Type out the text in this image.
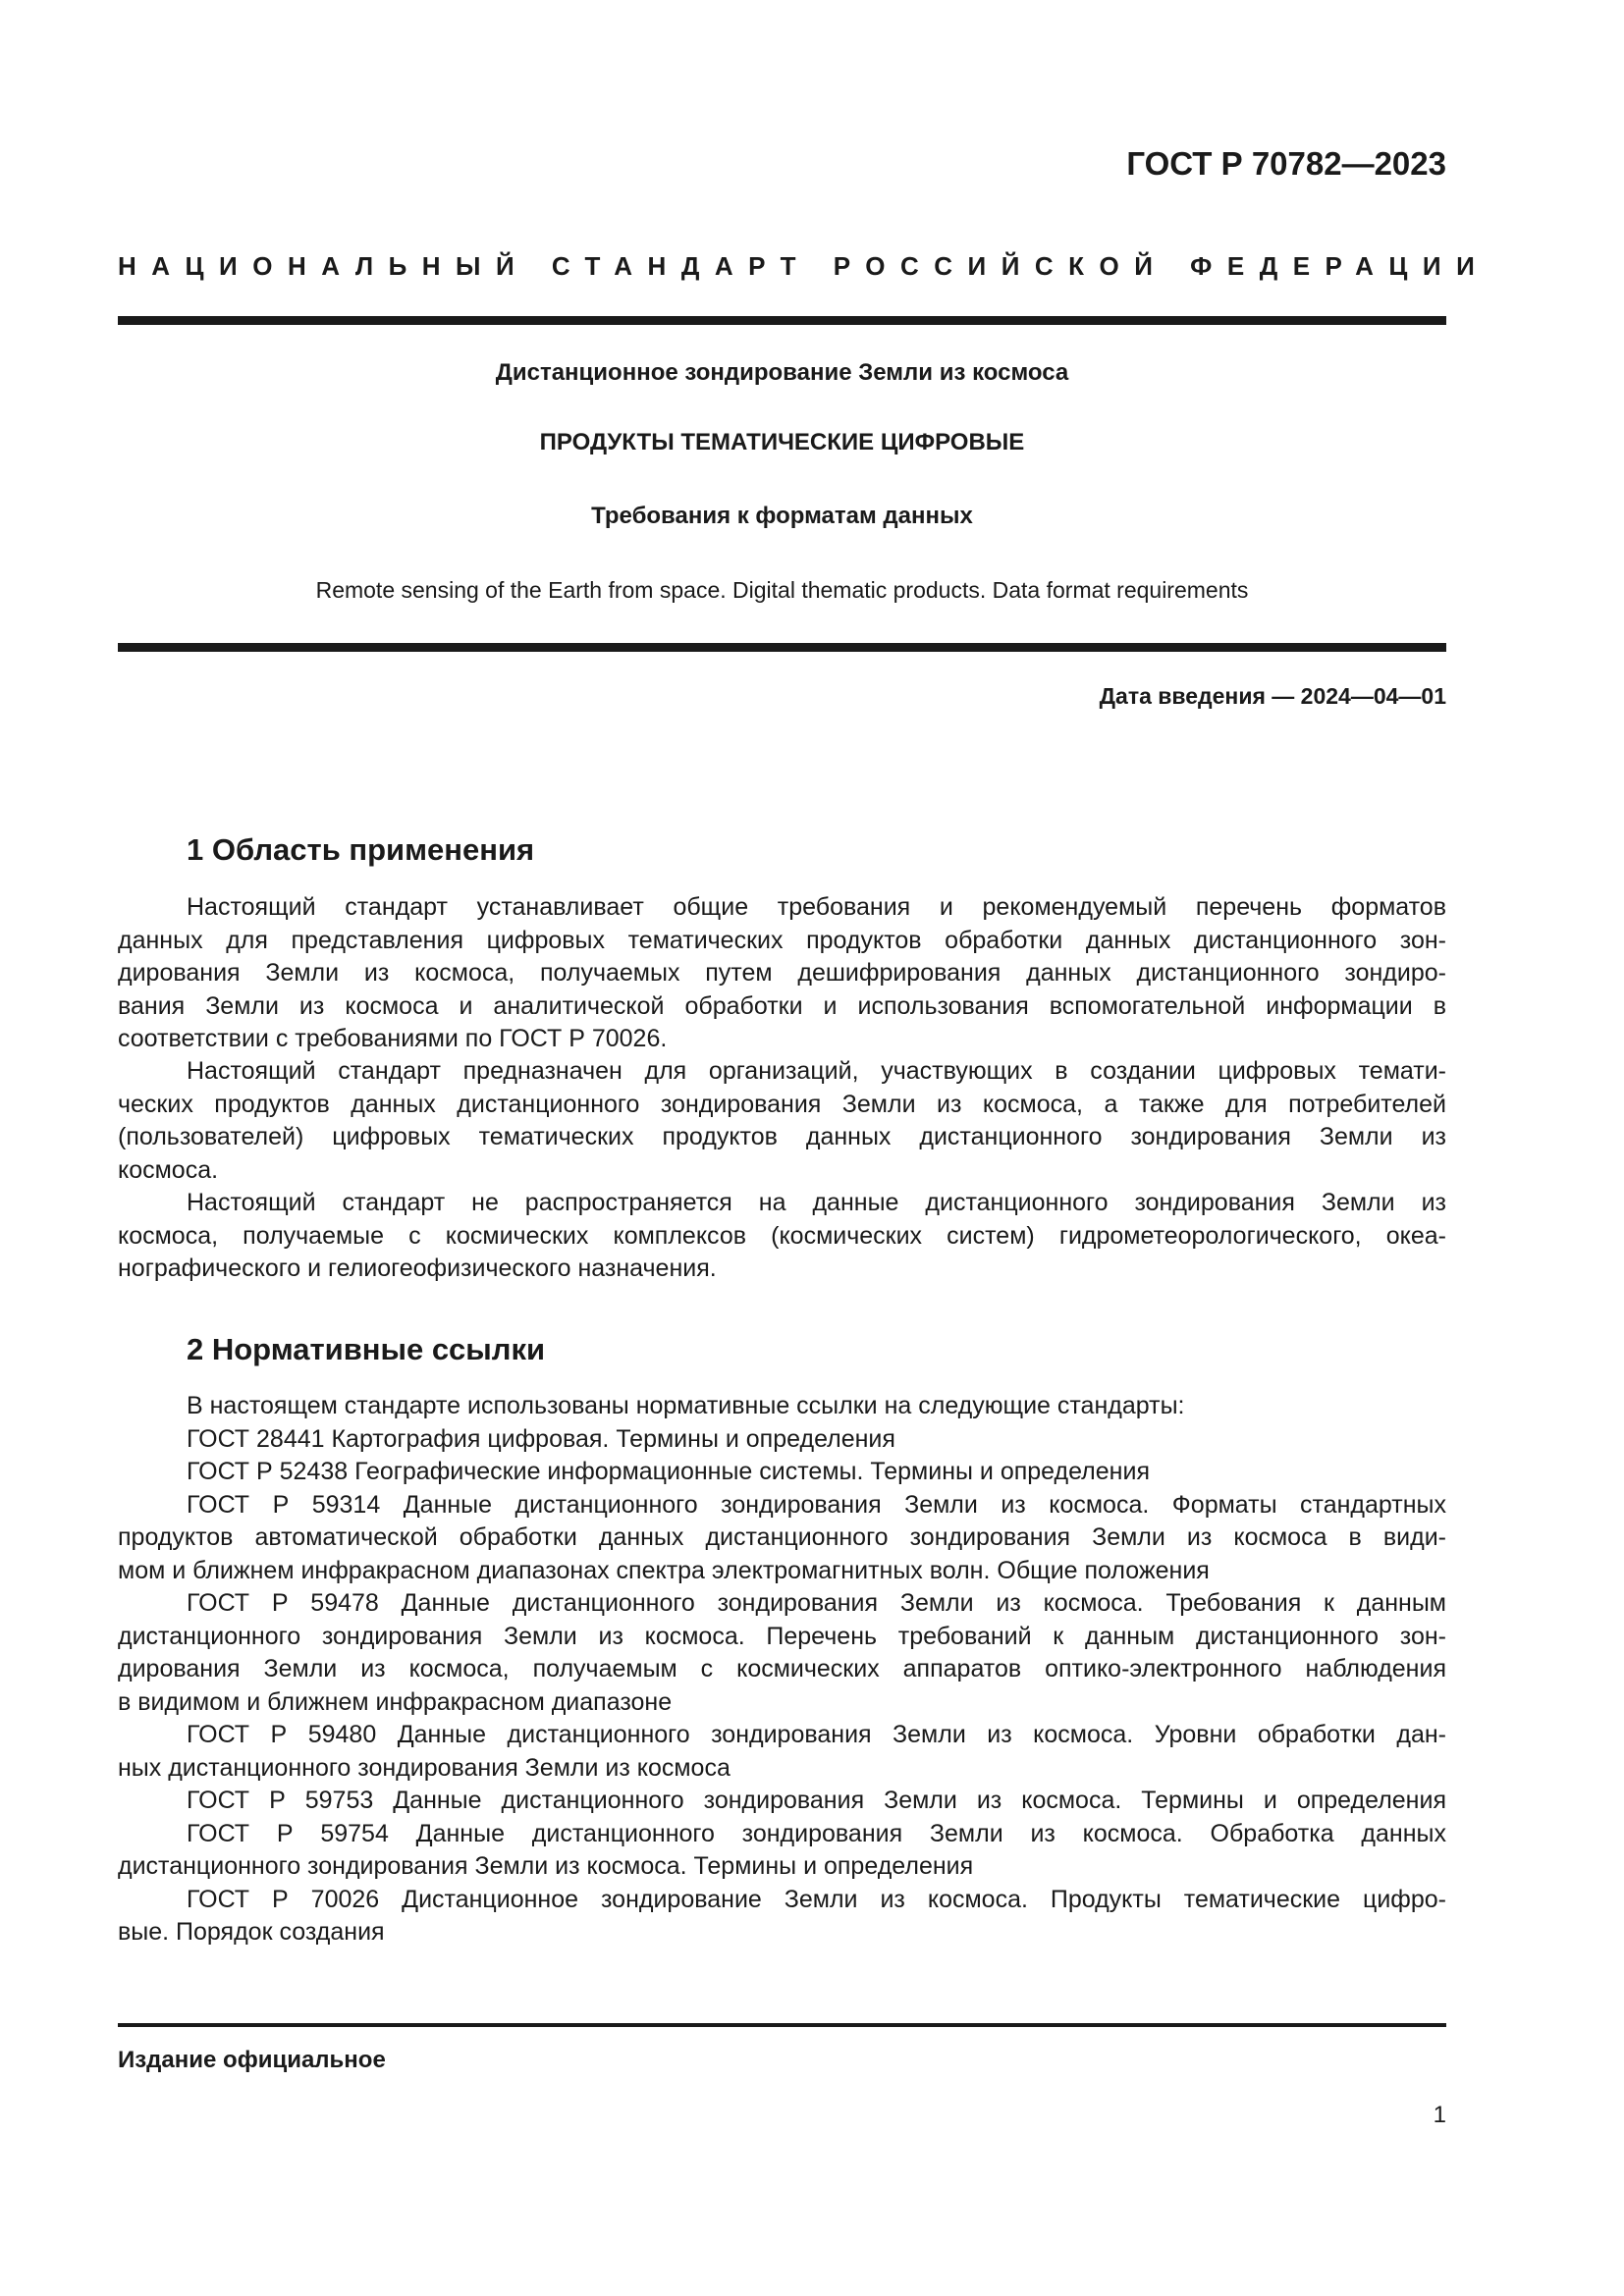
ГОСТ Р 70782—2023
НАЦИОНАЛЬНЫЙ СТАНДАРТ РОССИЙСКОЙ ФЕДЕРАЦИИ
Дистанционное зондирование Земли из космоса
ПРОДУКТЫ ТЕМАТИЧЕСКИЕ ЦИФРОВЫЕ
Требования к форматам данных
Remote sensing of the Earth from space. Digital thematic products. Data format requirements
Дата введения — 2024—04—01
1 Область применения
Настоящий стандарт устанавливает общие требования и рекомендуемый перечень форматов
данных для представления цифровых тематических продуктов обработки данных дистанционного зон-
дирования Земли из космоса, получаемых путем дешифрирования данных дистанционного зондиро-
вания Земли из космоса и аналитической обработки и использования вспомогательной информации в
соответствии с требованиями по ГОСТ Р 70026.
Настоящий стандарт предназначен для организаций, участвующих в создании цифровых темати-
ческих продуктов данных дистанционного зондирования Земли из космоса, а также для потребителей
(пользователей) цифровых тематических продуктов данных дистанционного зондирования Земли из
космоса.
Настоящий стандарт не распространяется на данные дистанционного зондирования Земли из
космоса, получаемые с космических комплексов (космических систем) гидрометеорологического, океа-
нографического и гелиогеофизического назначения.
2 Нормативные ссылки
В настоящем стандарте использованы нормативные ссылки на следующие стандарты:
ГОСТ 28441 Картография цифровая. Термины и определения
ГОСТ Р 52438 Географические информационные системы. Термины и определения
ГОСТ Р 59314 Данные дистанционного зондирования Земли из космоса. Форматы стандартных
продуктов автоматической обработки данных дистанционного зондирования Земли из космоса в види-
мом и ближнем инфракрасном диапазонах спектра электромагнитных волн. Общие положения
ГОСТ Р 59478 Данные дистанционного зондирования Земли из космоса. Требования к данным
дистанционного зондирования Земли из космоса. Перечень требований к данным дистанционного зон-
дирования Земли из космоса, получаемым с космических аппаратов оптико-электронного наблюдения
в видимом и ближнем инфракрасном диапазоне
ГОСТ Р 59480 Данные дистанционного зондирования Земли из космоса. Уровни обработки дан-
ных дистанционного зондирования Земли из космоса
ГОСТ Р 59753 Данные дистанционного зондирования Земли из космоса. Термины и определения
ГОСТ Р 59754 Данные дистанционного зондирования Земли из космоса. Обработка данных
дистанционного зондирования Земли из космоса. Термины и определения
ГОСТ Р 70026 Дистанционное зондирование Земли из космоса. Продукты тематические цифро-
вые. Порядок создания
Издание официальное
1
